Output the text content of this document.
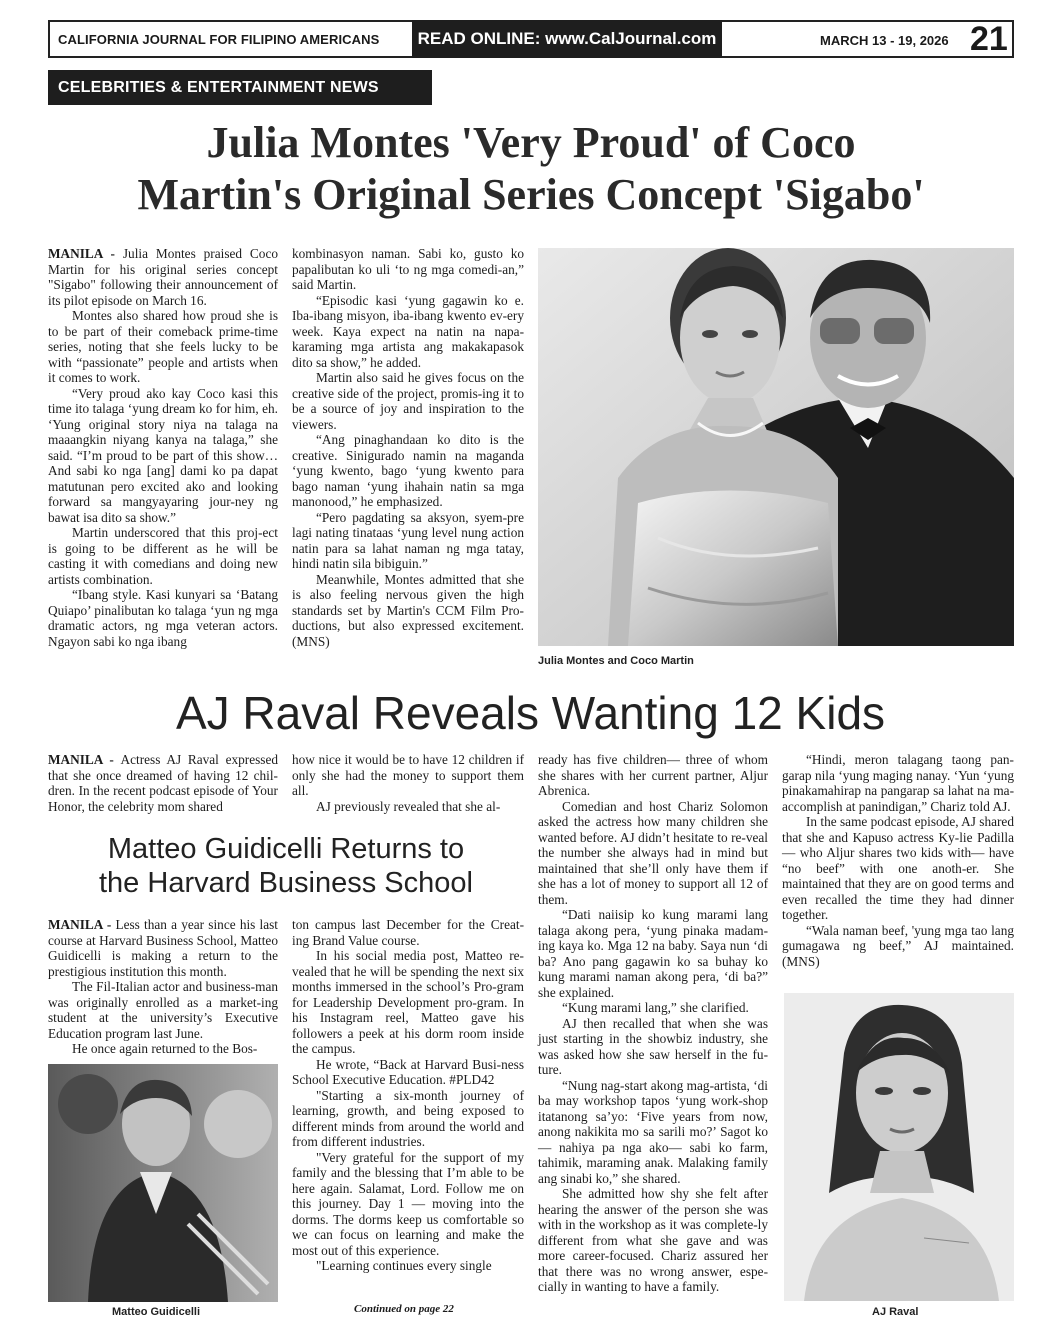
CALIFORNIA JOURNAL FOR FILIPINO AMERICANS	READ ONLINE: www.CalJournal.com	MARCH 13 - 19, 2026 21
CELEBRITIES & ENTERTAINMENT NEWS
Julia Montes 'Very Proud' of Coco
Martin's Original Series Concept 'Sigabo'

MANILA - Julia Montes praised Coco Martin for his original series concept "Sigabo" following their announcement of its pilot episode on March 16.

Montes also shared how proud she is to be part of their comeback prime-time series, noting that she feels lucky to be with “passionate” people and artists when it comes to work.

“Very proud ako kay Coco kasi this time ito talaga ‘yung dream ko for him, eh. ‘Yung original story niya na talaga na maaangkin niyang kanya na talaga,” she said. “I’m proud to be part of this show… And sabi ko nga [ang] dami ko pa dapat matutunan pero excited ako and looking forward sa mangyayaring jour-ney ng bawat isa dito sa show.”

Martin underscored that this proj-ect is going to be different as he will be casting it with comedians and doing new artists combination.

“Ibang style. Kasi kunyari sa ‘Batang Quiapo’ pinalibutan ko talaga ‘yun ng mga dramatic actors, ng mga veteran actors. Ngayon sabi ko nga ibang

kombinasyon naman. Sabi ko, gusto ko papalibutan ko uli ‘to ng mga comedi-an,” said Martin.

“Episodic kasi ‘yung gagawin ko e. Iba-ibang misyon, iba-ibang kwento ev-ery week. Kaya expect na natin na napa-karaming mga artista ang makakapasok dito sa show,” he added.

Martin also said he gives focus on the creative side of the project, promis-ing it to be a source of joy and inspiration to the viewers.

“Ang pinaghandaan ko dito is the creative. Sinigurado namin na maganda ‘yung kwento, bago ‘yung kwento para bago naman ‘yung ihahain natin sa mga manonood,” he emphasized.

“Pero pagdating sa aksyon, syem-pre lagi nating tinataas ‘yung level nung action natin para sa lahat naman ng mga tatay, hindi natin sila bibiguin.”

Meanwhile, Montes admitted that she is also feeling nervous given the high standards set by Martin's CCM Film Pro-ductions, but also expressed excitement. (MNS)

Julia Montes and Coco Martin
AJ Raval Reveals Wanting 12 Kids

MANILA - Actress AJ Raval expressed that she once dreamed of having 12 chil-dren. In the recent podcast episode of Your Honor, the celebrity mom shared

how nice it would be to have 12 children if only she had the money to support them all.

AJ previously revealed that she al-

ready has five children— three of whom she shares with her current partner, Aljur Abrenica.

Comedian and host Chariz Solomon asked the actress how many children she wanted before. AJ didn’t hesitate to re-veal the number she always had in mind but maintained that she’ll only have them if she has a lot of money to support all 12 of them.

“Dati naiisip ko kung marami lang talaga akong pera, ‘yung pinaka madam-ing kaya ko. Mga 12 na baby. Saya nun ‘di ba? Ano pang gagawin ko sa buhay ko kung marami naman akong pera, ‘di ba?” she explained.

“Kung marami lang,” she clarified.

AJ then recalled that when she was just starting in the showbiz industry, she was asked how she saw herself in the fu-ture.

“Nung nag-start akong mag-artista, ‘di ba may workshop tapos ‘yung work-shop itatanong sa’yo: ‘Five years from now, anong nakikita mo sa sarili mo?’ Sagot ko— nahiya pa nga ako— sabi ko farm, tahimik, maraming anak. Malaking family ang sinabi ko,” she shared.

She admitted how shy she felt after hearing the answer of the person she was with in the workshop as it was complete-ly different from what she gave and was more career-focused. Chariz assured her that there was no wrong answer, espe-cially in wanting to have a family.

“Hindi, meron talagang taong pan-garap nila ‘yung maging nanay. ‘Yun ‘yung pinakamahirap na pangarap sa lahat na ma-accomplish at panindigan,” Chariz told AJ.

In the same podcast episode, AJ shared that she and Kapuso actress Ky-lie Padilla— who Aljur shares two kids with— have “no beef” with one anoth-er. She maintained that they are on good terms and even recalled the time they had dinner together.

“Wala naman beef, 'yung mga tao lang gumagawa ng beef,” AJ maintained. (MNS)

AJ Raval
Matteo Guidicelli Returns to
the Harvard Business School

MANILA - Less than a year since his last course at Harvard Business School, Matteo Guidicelli is making a return to the prestigious institution this month.

The Fil-Italian actor and business-man was originally enrolled as a market-ing student at the university’s Executive Education program last June.

He once again returned to the Bos-

ton campus last December for the Creat-ing Brand Value course.

In his social media post, Matteo re-vealed that he will be spending the next six months immersed in the school’s Pro-gram for Leadership Development pro-gram. In his Instagram reel, Matteo gave his followers a peek at his dorm room inside the campus.

He wrote, “Back at Harvard Busi-ness School Executive Education. #PLD42

"Starting a six-month journey of learning, growth, and being exposed to different minds from around the world and from different industries.

"Very grateful for the support of my family and the blessing that I’m able to be here again. Salamat, Lord. Follow me on this journey. Day 1 — moving into the dorms. The dorms keep us comfortable so we can focus on learning and make the most out of this experience.

"Learning continues every single

Matteo Guidicelli	Continued on page 22
